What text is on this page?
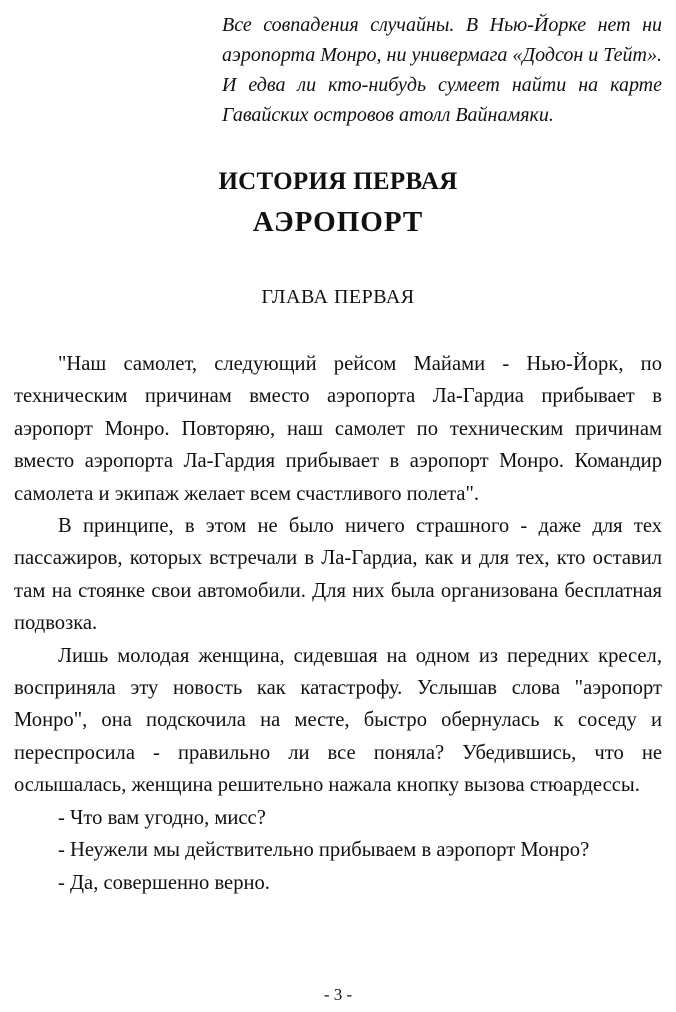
Все совпадения случайны. В Нью-Йорке нет ни аэропорта Монро, ни универмага «Додсон и Тейт». И едва ли кто-нибудь сумеет найти на карте Гавайских островов атолл Вайнамяки.
ИСТОРИЯ ПЕРВАЯ
АЭРОПОРТ
ГЛАВА ПЕРВАЯ

"Наш самолет, следующий рейсом Майами - Нью-Йорк, по техническим причинам вместо аэропорта Ла-Гардиа прибывает в аэропорт Монро. Повторяю, наш самолет по техническим причинам вместо аэропорта Ла-Гардия прибывает в аэропорт Монро. Командир самолета и экипаж желает всем счастливого полета".

В принципе, в этом не было ничего страшного - даже для тех пассажиров, которых встречали в Ла-Гардиа, как и для тех, кто оставил там на стоянке свои автомобили. Для них была организована бесплатная подвозка.

Лишь молодая женщина, сидевшая на одном из передних кресел, восприняла эту новость как катастрофу. Услышав слова "аэропорт Монро", она подскочила на месте, быстро обернулась к соседу и переспросила - правильно ли все поняла? Убедившись, что не ослышалась, женщина решительно нажала кнопку вызова стюардессы.

- Что вам угодно, мисс?

- Неужели мы действительно прибываем в аэропорт Монро?

- Да, совершенно верно.

- 3 -
